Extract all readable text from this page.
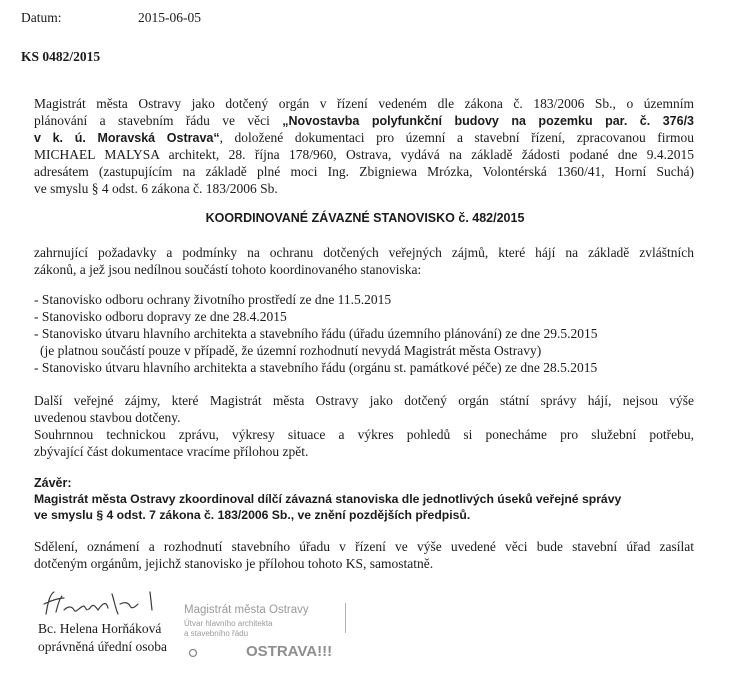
Datum:	2015-06-05
KS 0482/2015
Magistrát města Ostravy jako dotčený orgán v řízení vedeném dle zákona č. 183/2006 Sb., o územním
plánování a stavebním řádu ve věci „Novostavba polyfunkční budovy na pozemku par. č. 376/3
v k. ú. Moravská Ostrava“, doložené dokumentaci pro územní a stavební řízení, zpracovanou firmou
MICHAEL MALYSA architekt, 28. října 178/960, Ostrava, vydává na základě žádosti podané dne 9.4.2015
adresátem (zastupujícím na základě plné moci Ing. Zbigniewa Mrózka, Volontérská 1360/41, Horní Suchá)
ve smyslu § 4 odst. 6 zákona č. 183/2006 Sb.
KOORDINOVANÉ ZÁVAZNÉ STANOVISKO č. 482/2015
zahrnující požadavky a podmínky na ochranu dotčených veřejných zájmů, které hájí na základě zvláštních
zákonů, a jež jsou nedílnou součástí tohoto koordinovaného stanoviska:
- Stanovisko odboru ochrany životního prostředí ze dne 11.5.2015
- Stanovisko odboru dopravy ze dne 28.4.2015
- Stanovisko útvaru hlavního architekta a stavebního řádu (úřadu územního plánování) ze dne 29.5.2015
(je platnou součástí pouze v případě, že územní rozhodnutí nevydá Magistrát města Ostravy)
- Stanovisko útvaru hlavního architekta a stavebního řádu (orgánu st. památkové péče) ze dne 28.5.2015
Další veřejné zájmy, které Magistrát města Ostravy jako dotčený orgán státní správy hájí, nejsou výše
uvedenou stavbou dotčeny.
Souhrnnou technickou zprávu, výkresy situace a výkres pohledů si ponecháme pro služební potřebu,
zbývající část dokumentace vracíme přílohou zpět.
Závěr:
Magistrát města Ostravy zkoordinoval dílčí závazná stanoviska dle jednotlivých úseků veřejné správy
ve smyslu § 4 odst. 7 zákona č. 183/2006 Sb., ve znění pozdějších předpisů.
Sdělení, oznámení a rozhodnutí stavebního úřadu v řízení ve výše uvedené věci bude stavební úřad zasílat
dotčeným orgánům, jejichž stanovisko je přílohou tohoto KS, samostatně.
Bc. Helena Horňáková
oprávněná úřední osoba
Magistrát města Ostravy
Útvar hlavního architekta
a stavebního řádu
OSTRAVA!!!
